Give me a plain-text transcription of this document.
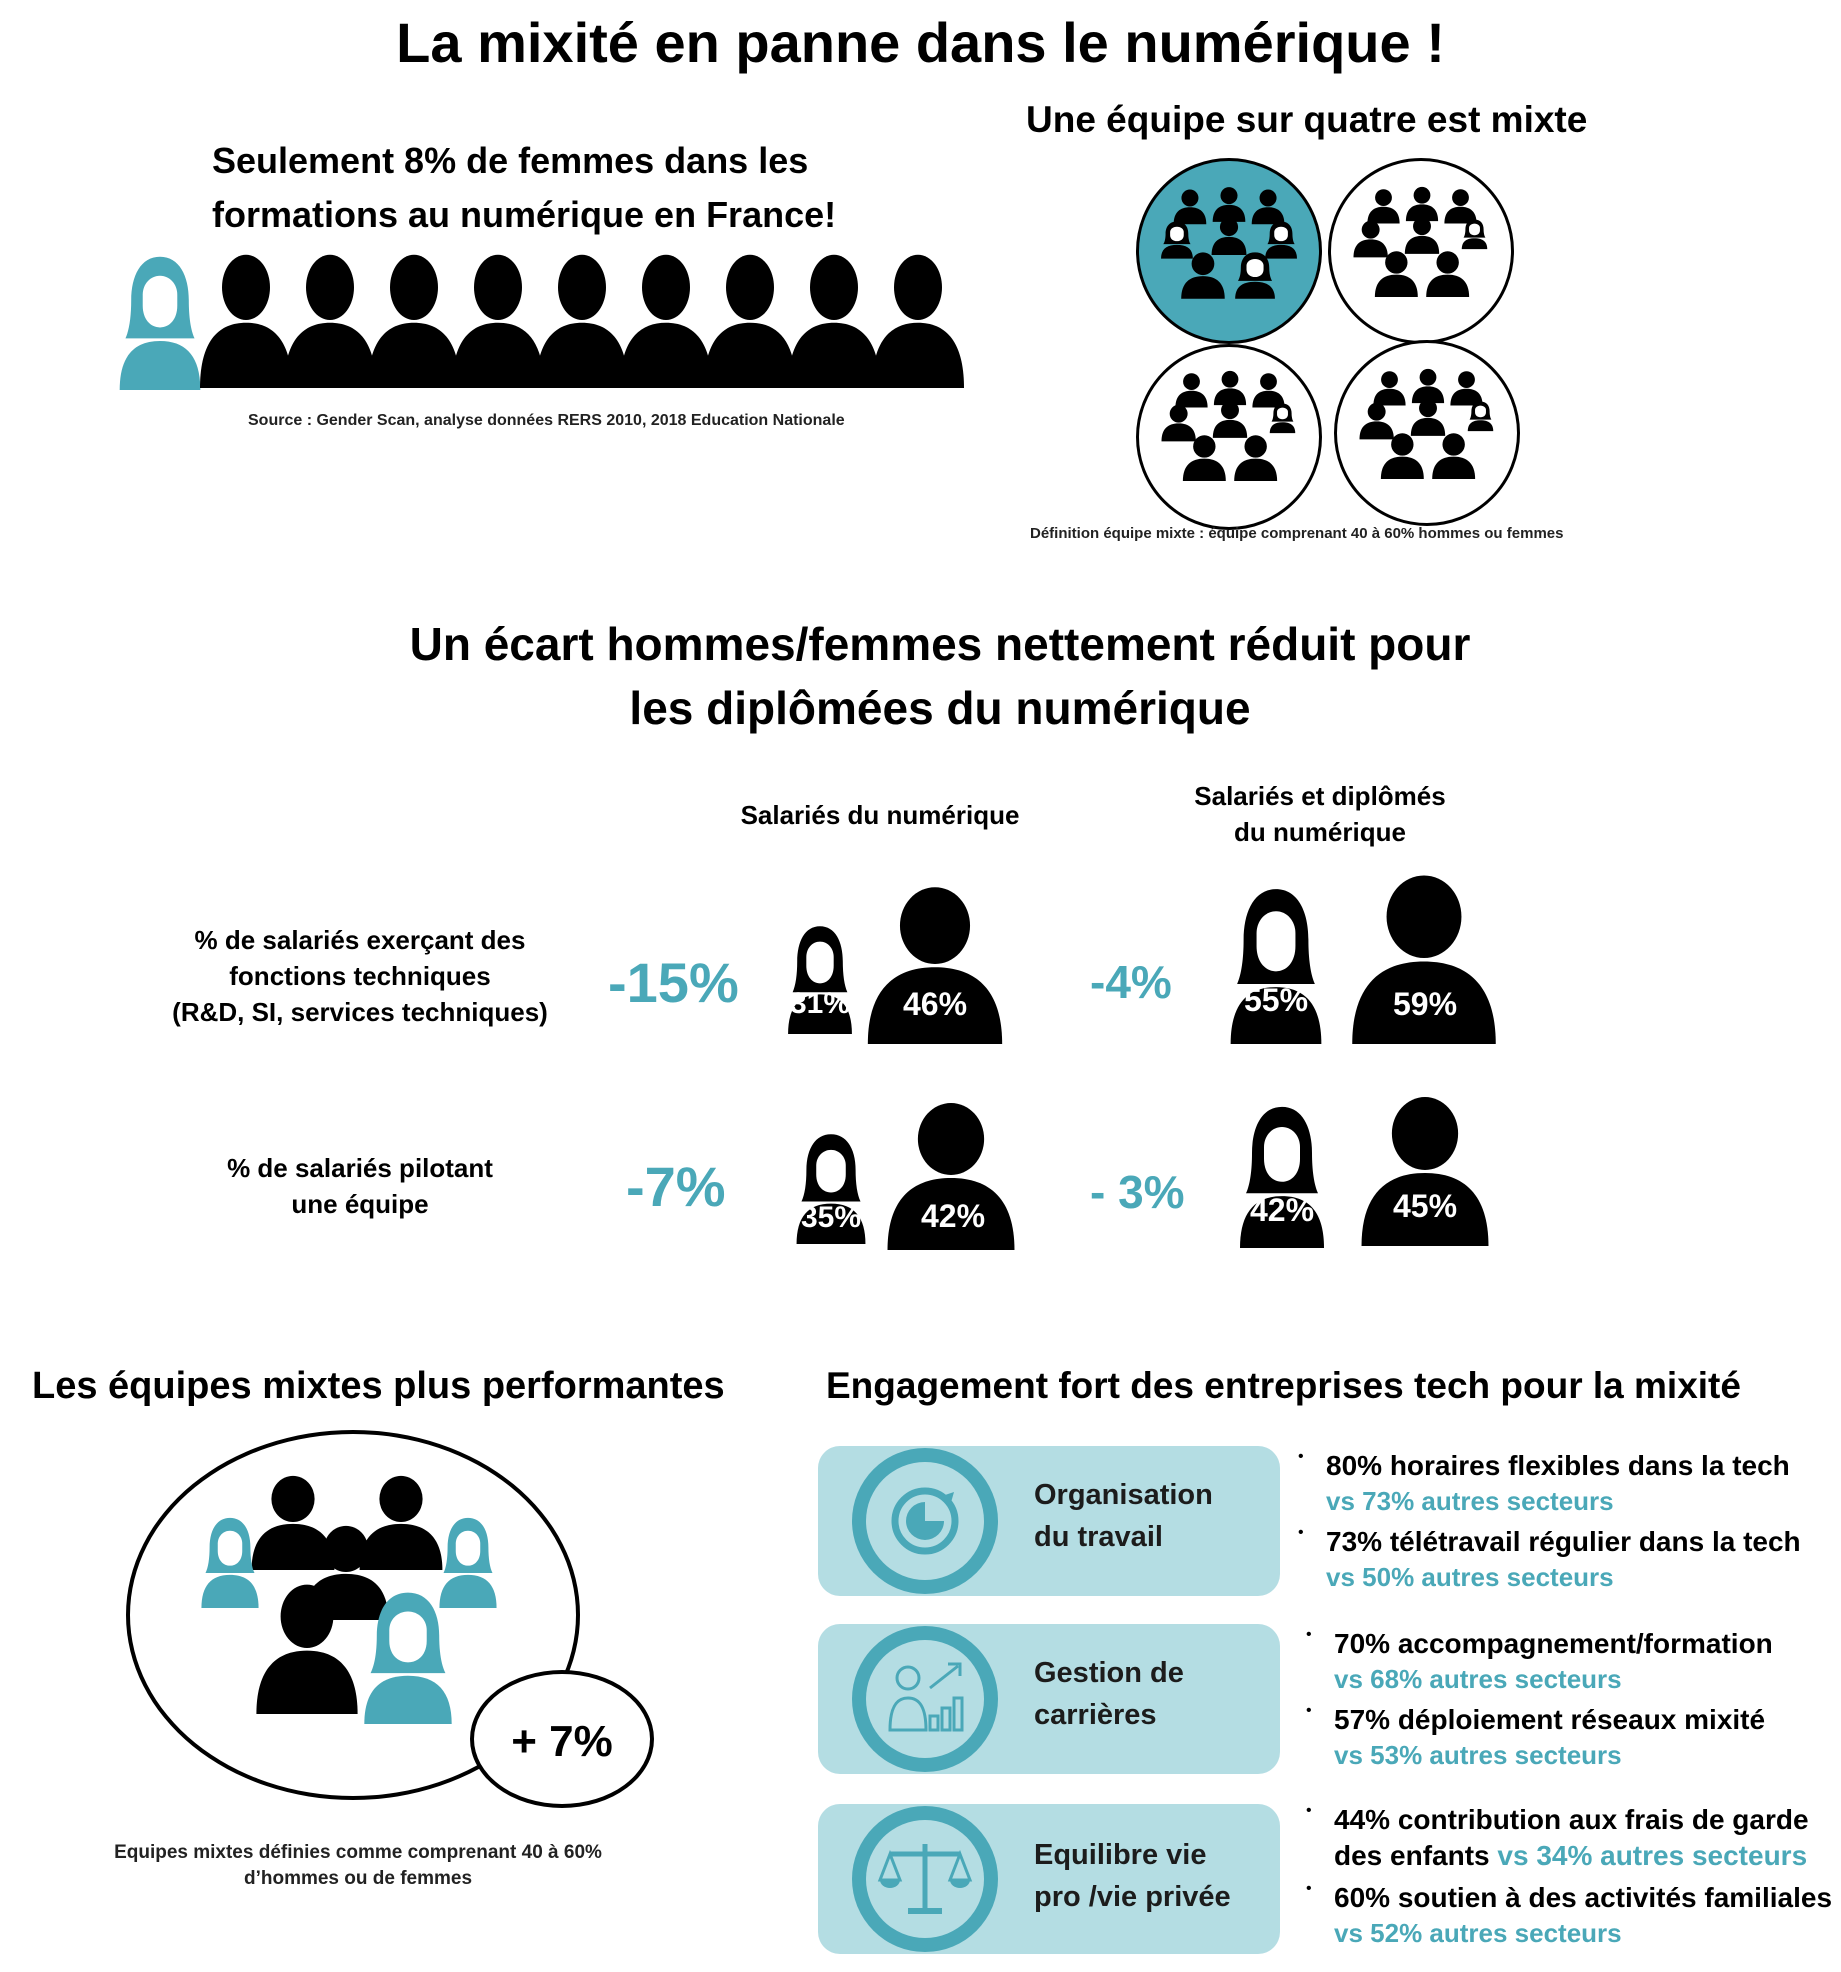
La mixité en panne dans le numérique !
Seulement 8% de femmes dans les
formations au numérique en France!
Source : Gender Scan, analyse données RERS 2010, 2018 Education Nationale
Une équipe sur quatre est mixte
Définition équipe mixte : équipe comprenant 40 à 60% hommes ou femmes
Un écart hommes/femmes nettement réduit pour
les diplômées du numérique
Salariés du numérique
Salariés et diplômés
du numérique
% de salariés exerçant des
fonctions techniques
(R&D, SI, services techniques)
% de salariés pilotant
une équipe
-15%	31%	46%	-4%	55%	59%
-7%	35%	42%	- 3%	42%	45%
Les équipes mixtes plus performantes
+ 7%
Equipes mixtes définies comme comprenant 40 à 60%
d’hommes ou de femmes
Engagement fort des entreprises tech pour la mixité
Organisation
du travail
• 80% horaires flexibles dans la tech
vs 73% autres secteurs
• 73% télétravail régulier dans la tech
vs 50% autres secteurs
Gestion de
carrières
• 70% accompagnement/formation
vs 68% autres secteurs
• 57% déploiement réseaux mixité
vs 53% autres secteurs
Equilibre vie
pro /vie privée
• 44% contribution aux frais de garde
des enfants vs 34% autres secteurs
• 60% soutien à des activités familiales
vs 52% autres secteurs
